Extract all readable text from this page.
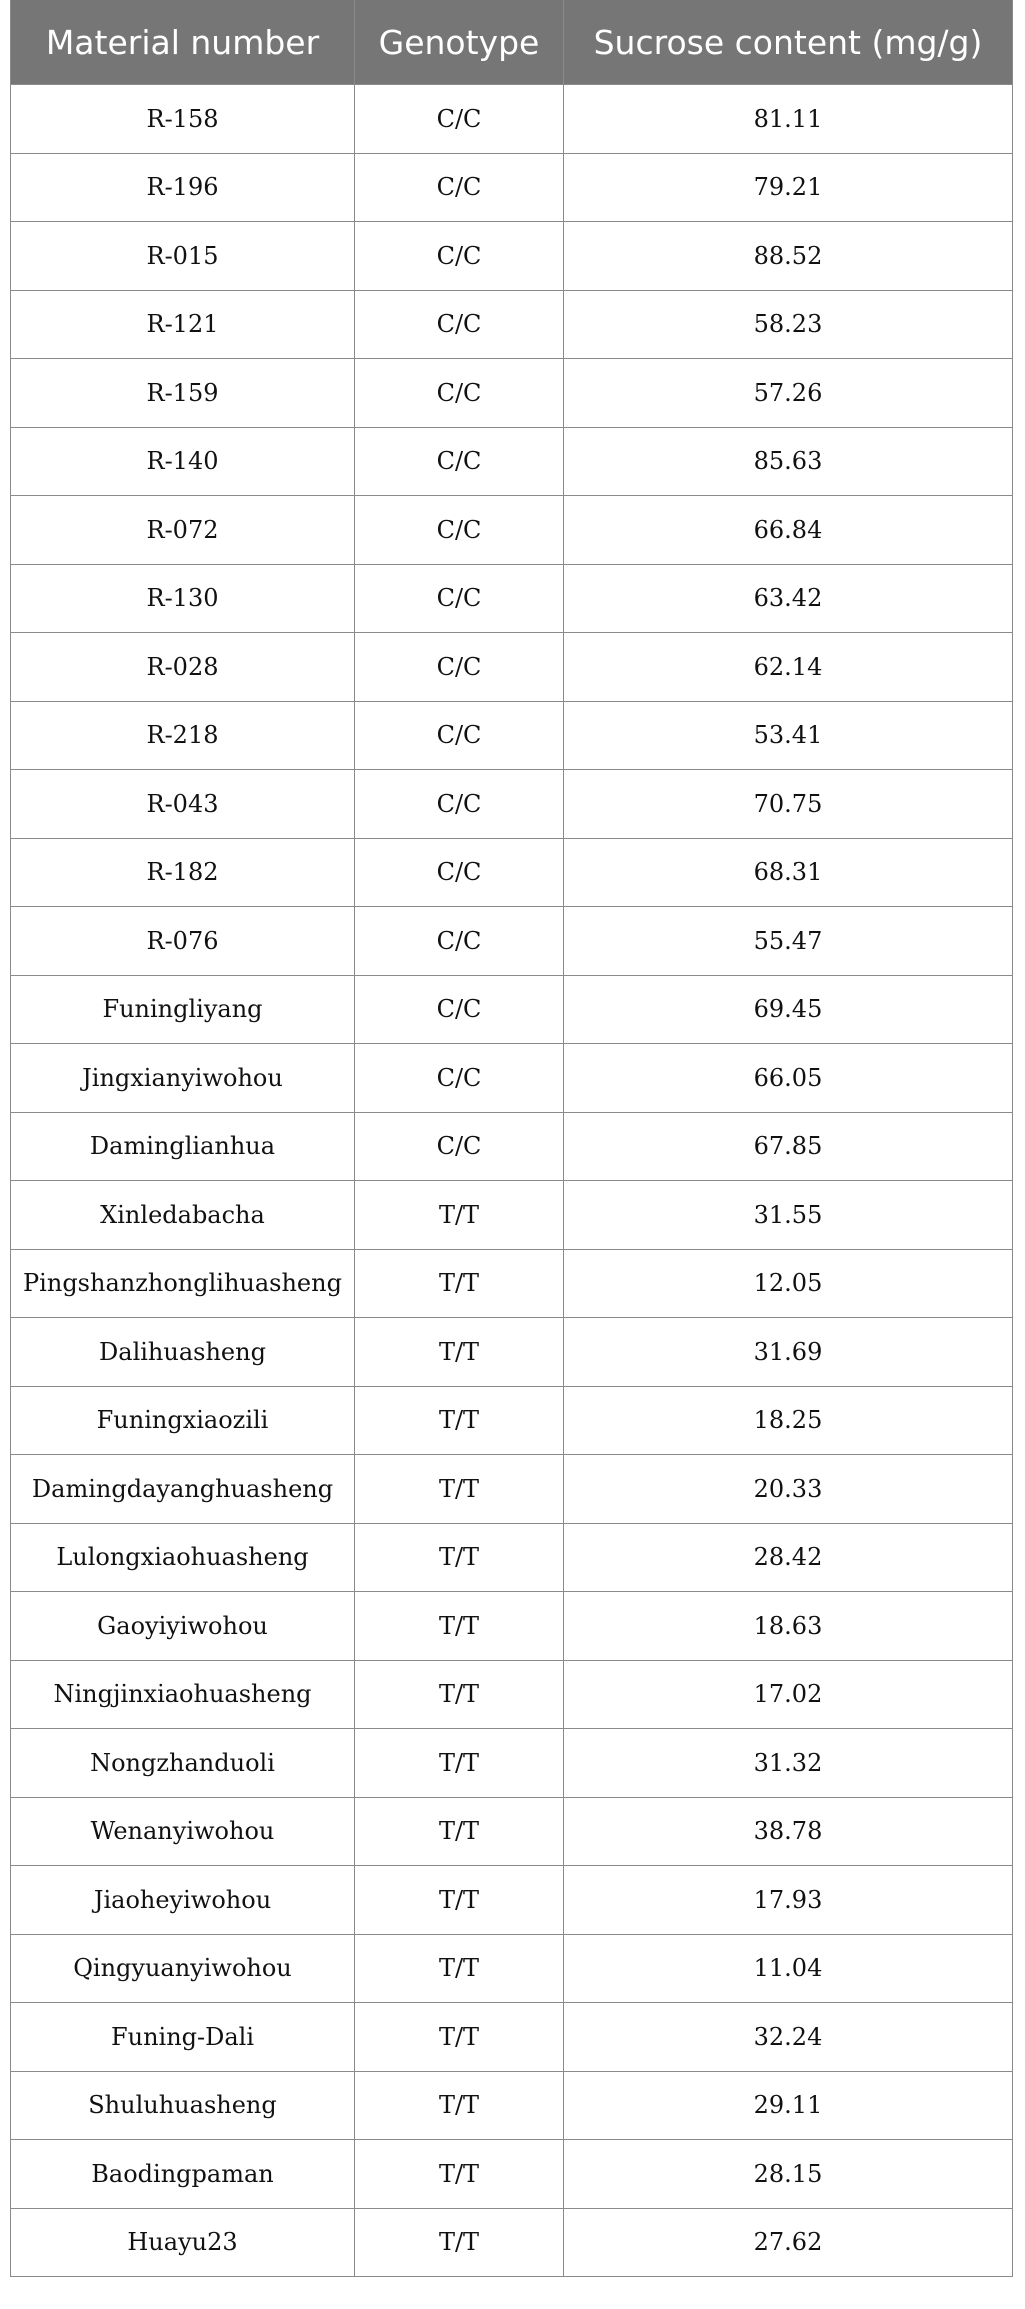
Material number	Genotype	Sucrose content (mg/g)
R-158	C/C	81.11
R-196	C/C	79.21
R-015	C/C	88.52
R-121	C/C	58.23
R-159	C/C	57.26
R-140	C/C	85.63
R-072	C/C	66.84
R-130	C/C	63.42
R-028	C/C	62.14
R-218	C/C	53.41
R-043	C/C	70.75
R-182	C/C	68.31
R-076	C/C	55.47
Funingliyang	C/C	69.45
Jingxianyiwohou	C/C	66.05
Daminglianhua	C/C	67.85
Xinledabacha	T/T	31.55
Pingshanzhonglihuasheng	T/T	12.05
Dalihuasheng	T/T	31.69
Funingxiaozili	T/T	18.25
Damingdayanghuasheng	T/T	20.33
Lulongxiaohuasheng	T/T	28.42
Gaoyiyiwohou	T/T	18.63
Ningjinxiaohuasheng	T/T	17.02
Nongzhanduoli	T/T	31.32
Wenanyiwohou	T/T	38.78
Jiaoheyiwohou	T/T	17.93
Qingyuanyiwohou	T/T	11.04
Funing-Dali	T/T	32.24
Shuluhuasheng	T/T	29.11
Baodingpaman	T/T	28.15
Huayu23	T/T	27.62
